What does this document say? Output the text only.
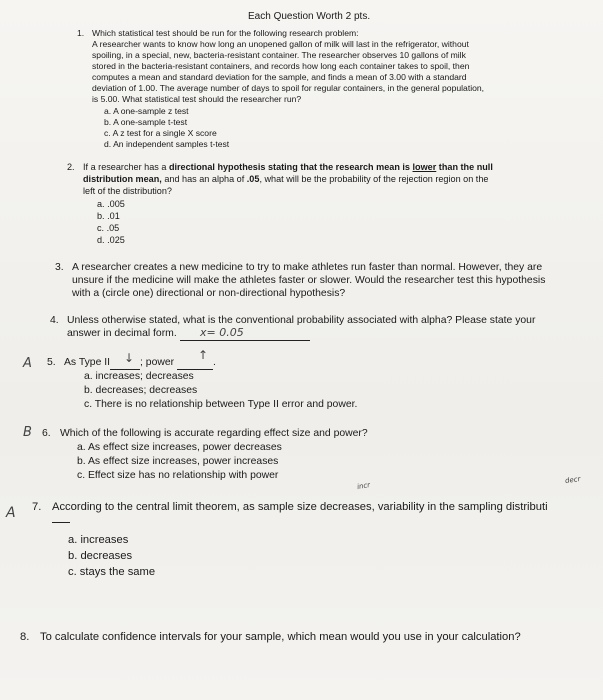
Each Question Worth 2 pts.
1. Which statistical test should be run for the following research problem:
A researcher wants to know how long an unopened gallon of milk will last in the refrigerator, without
spoiling, in a special, new, bacteria-resistant container. The researcher observes 10 gallons of milk
stored in the bacteria-resistant containers, and records how long each container takes to spoil, then
computes a mean and standard deviation for the sample, and finds a mean of 3.00 with a standard
deviation of 1.00. The average number of days to spoil for regular containers, in the general population,
is 5.00. What statistical test should the researcher run?
a. A one-sample z test
b. A one-sample t-test
c. A z test for a single X score
d. An independent samples t-test
2. If a researcher has a directional hypothesis stating that the research mean is lower than the null
distribution mean, and has an alpha of .05, what will be the probability of the rejection region on the
left of the distribution?
a. .005
b. .01
c. .05
d. .025
3. A researcher creates a new medicine to try to make athletes run faster than normal. However, they are
unsure if the medicine will make the athletes faster or slower. Would the researcher test this hypothesis
with a (circle one) directional or non-directional hypothesis?
4. Unless otherwise stated, what is the conventional probability associated with alpha? Please state your
answer in decimal form.	x= 0.05
A 5. As Type II	; power	.
↓	↑
a. increases; decreases
b. decreases; decreases
c. There is no relationship between Type II error and power.
B 6. Which of the following is accurate regarding effect size and power?
a. As effect size increases, power decreases
b. As effect size increases, power increases
c. Effect size has no relationship with power
incr
decr
A 7. According to the central limit theorem, as sample size decreases, variability in the sampling distributi
a. increases
b. decreases
c. stays the same
8. To calculate confidence intervals for your sample, which mean would you use in your calculation?
